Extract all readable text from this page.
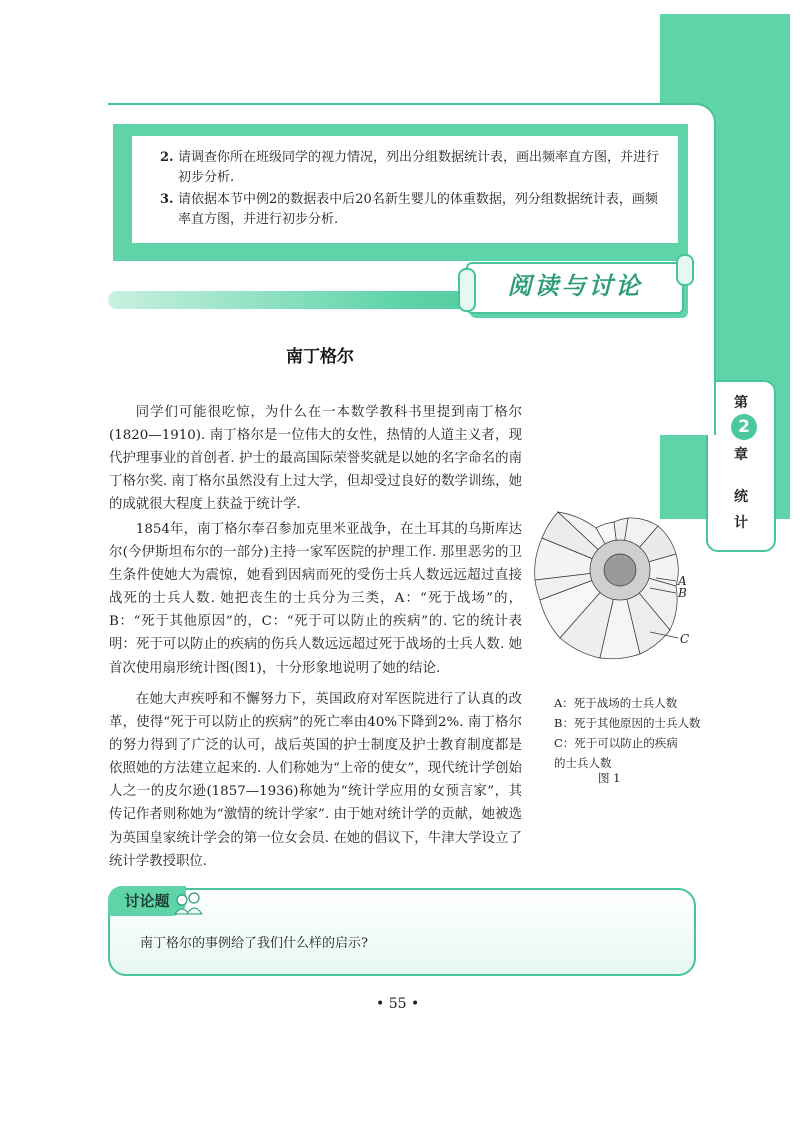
第
2
章
统
计
2. 请调查你所在班级同学的视力情况，列出分组数据统计表，画出频率直方图，并进行初步分析.
3. 请依据本节中例2的数据表中后20名新生婴儿的体重数据，列分组数据统计表，画频率直方图，并进行初步分析.
阅读与讨论
南丁格尔

同学们可能很吃惊，为什么在一本数学教科书里提到南丁格尔(1820—1910). 南丁格尔是一位伟大的女性，热情的人道主义者，现代护理事业的首创者. 护士的最高国际荣誉奖就是以她的名字命名的南丁格尔奖. 南丁格尔虽然没有上过大学，但却受过良好的数学训练，她的成就很大程度上获益于统计学.

1854年，南丁格尔奉召参加克里米亚战争，在土耳其的乌斯库达尔(今伊斯坦布尔的一部分)主持一家军医院的护理工作. 那里恶劣的卫生条件使她大为震惊，她看到因病而死的受伤士兵人数远远超过直接战死的士兵人数. 她把丧生的士兵分为三类，A：“死于战场”的，B：“死于其他原因”的，C：“死于可以防止的疾病”的. 它的统计表明：死于可以防止的疾病的伤兵人数远远超过死于战场的士兵人数. 她首次使用扇形统计图(图1)，十分形象地说明了她的结论.

在她大声疾呼和不懈努力下，英国政府对军医院进行了认真的改革，使得“死于可以防止的疾病”的死亡率由40%下降到2%. 南丁格尔的努力得到了广泛的认可，战后英国的护士制度及护士教育制度都是依照她的方法建立起来的. 人们称她为“上帝的使女”，现代统计学创始人之一的皮尔逊(1857—1936)称她为“统计学应用的女预言家”，其传记作者则称她为“激情的统计学家”. 由于她对统计学的贡献，她被选为英国皇家统计学会的第一位女会员. 在她的倡议下，牛津大学设立了统计学教授职位.

A
B
C
A：死于战场的士兵人数
B：死于其他原因的士兵人数
C：死于可以防止的疾病的士兵人数
图 1
讨论题
南丁格尔的事例给了我们什么样的启示?
• 55 •
